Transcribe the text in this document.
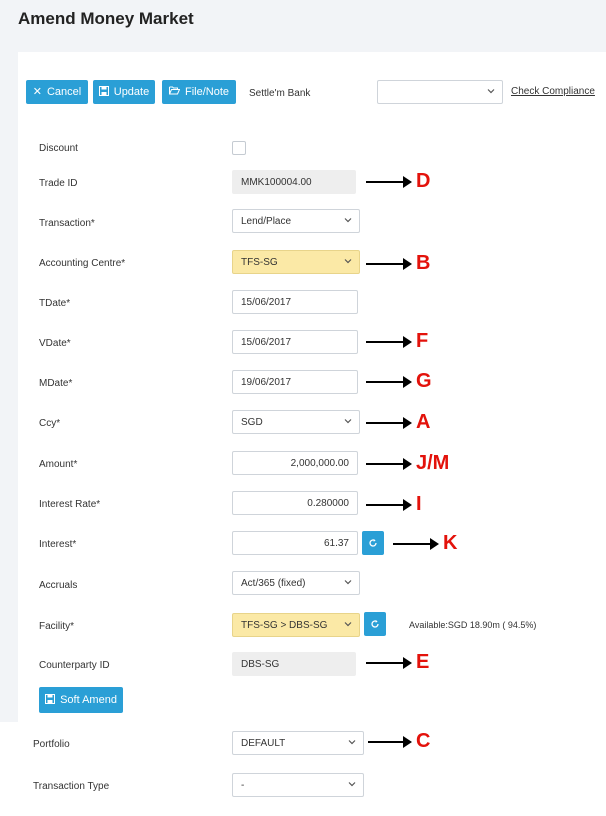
Amend Money Market
✕ Cancel	Update	File/Note Settle'm Bank	Check Compliance
Discount
Trade ID	MMK100004.00	D
Transaction*	Lend/Place
Accounting Centre*	TFS-SG	B
TDate*	15/06/2017
VDate*	15/06/2017	F
MDate*	19/06/2017	G
Ccy*	SGD	A
Amount*	2,000,000.00	J/M
Interest Rate*	0.280000	I
Interest*	61.37	K
Accruals	Act/365 (fixed)
Facility*	TFS-SG > DBS-SG	Available:SGD 18.90m ( 94.5%)
Counterparty ID	DBS-SG	E
Soft Amend
Portfolio	DEFAULT	C
Transaction Type	-
